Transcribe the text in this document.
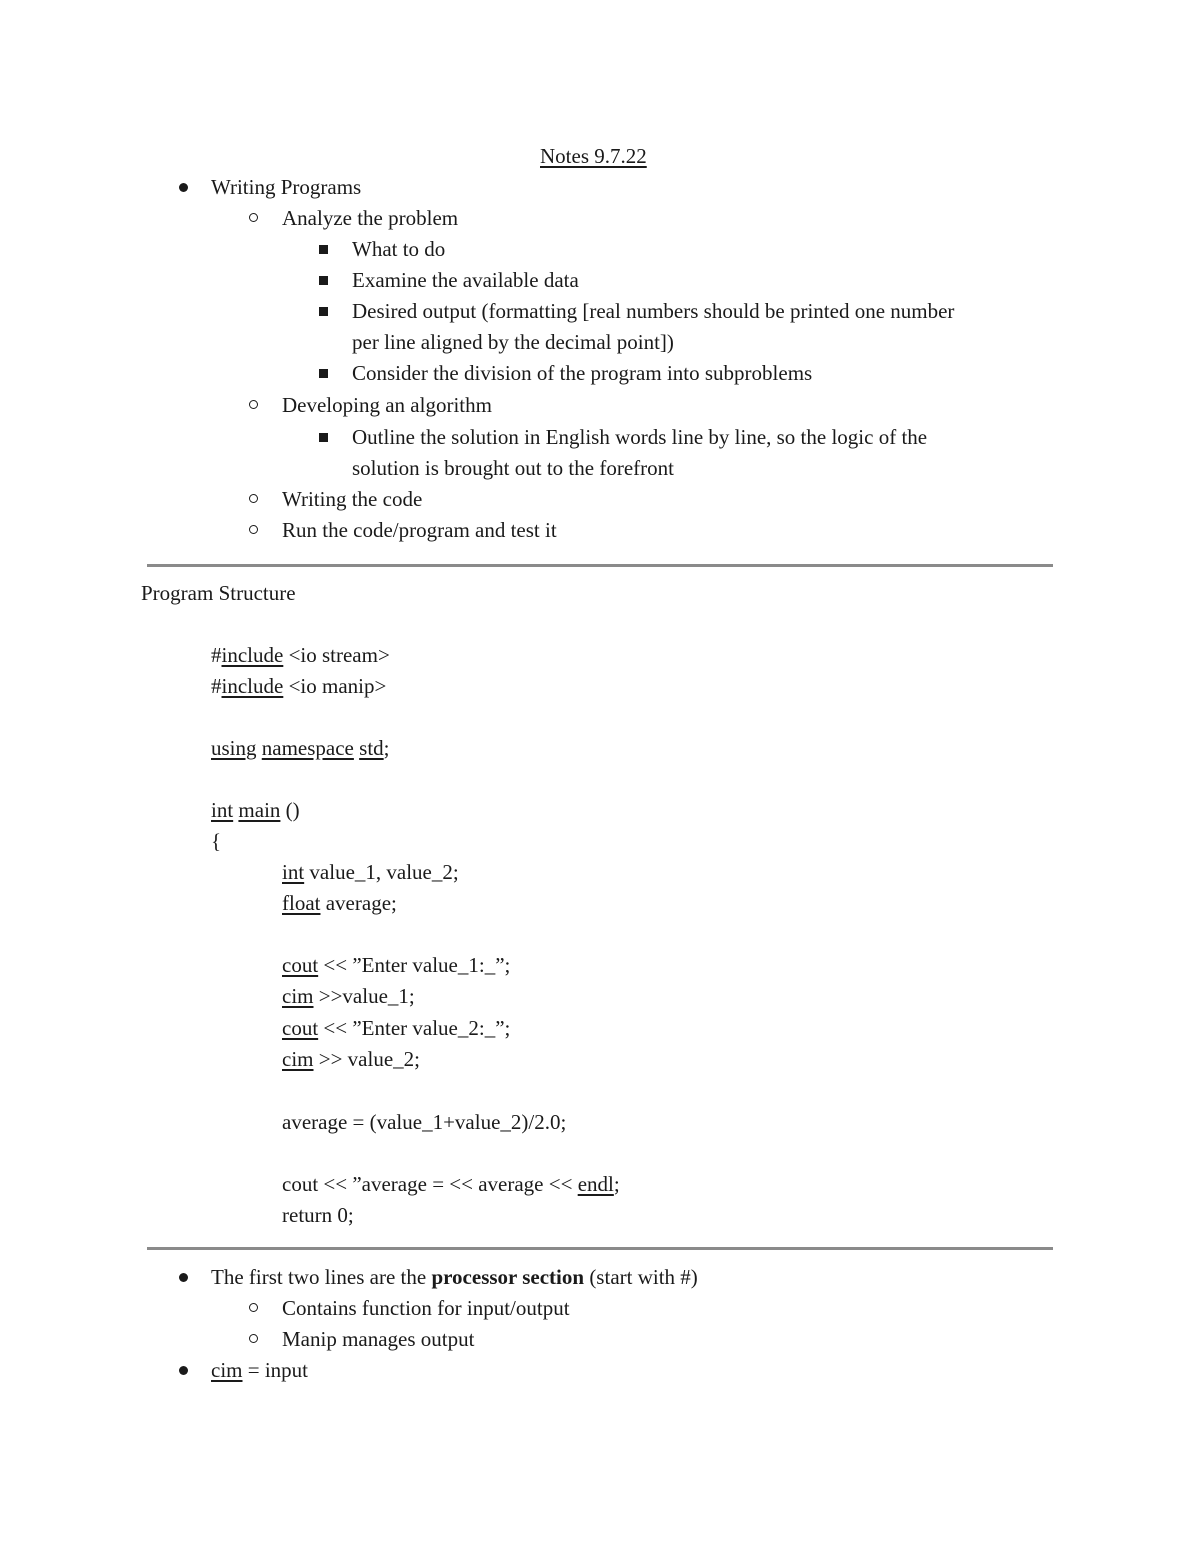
Notes 9.7.22
Writing Programs
Analyze the problem
What to do
Examine the available data
Desired output (formatting [real numbers should be printed one number
per line aligned by the decimal point])
Consider the division of the program into subproblems
Developing an algorithm
Outline the solution in English words line by line, so the logic of the
solution is brought out to the forefront
Writing the code
Run the code/program and test it
Program Structure
#include <io stream>
#include <io manip>
using namespace std;
int main ()
{
int value_1, value_2;
float average;
cout << ”Enter value_1:_”;
cim >>value_1;
cout << ”Enter value_2:_”;
cim >> value_2;
average = (value_1+value_2)/2.0;
cout << ”average = << average << endl;
return 0;
The first two lines are the processor section (start with #)
Contains function for input/output
Manip manages output
cim = input
